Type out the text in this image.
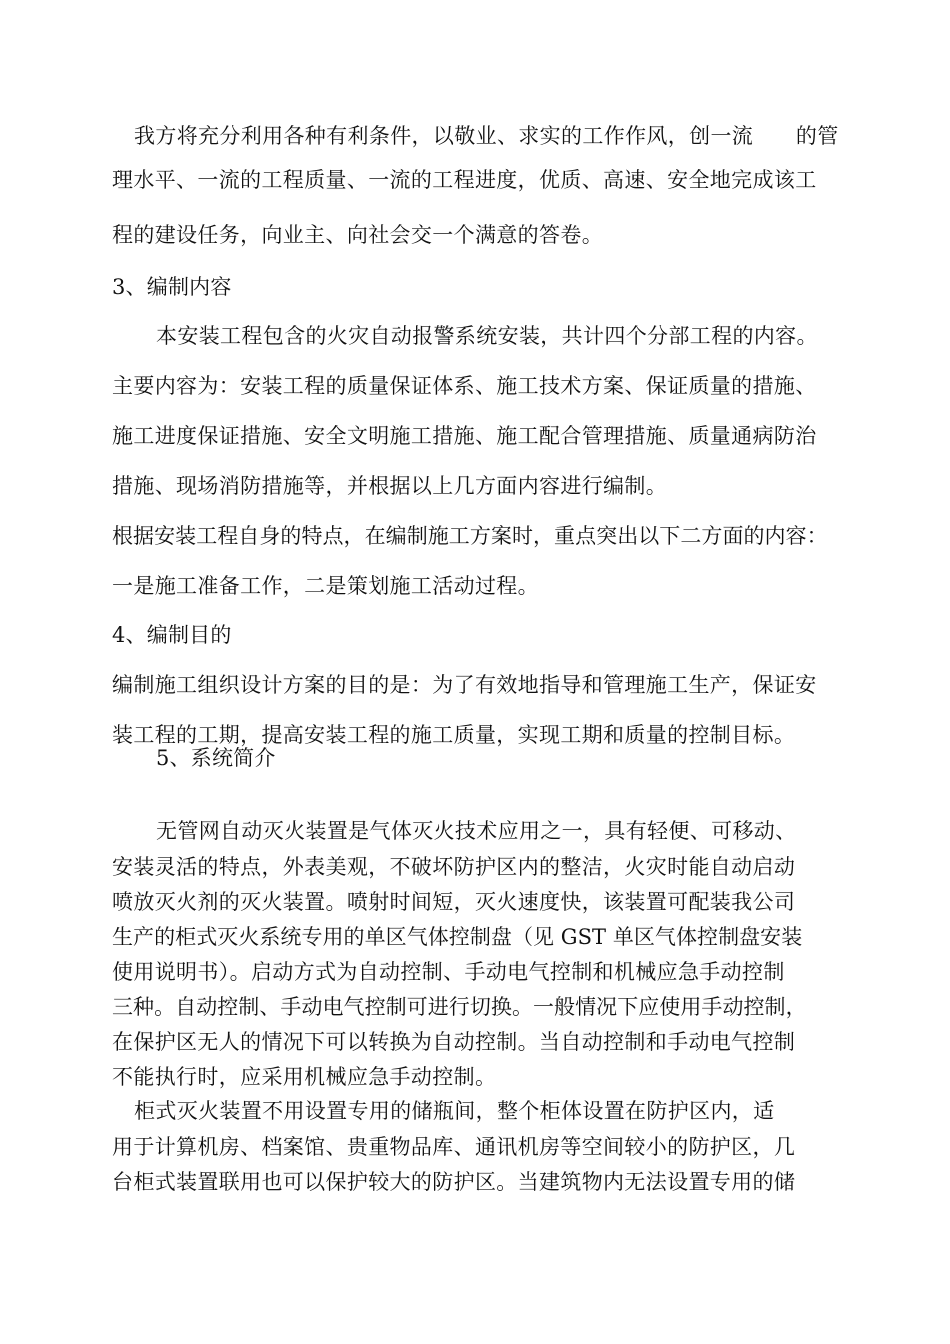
我方将充分利用各种有利条件，以敬业、求实的工作作风，创一流　　的管
理水平、一流的工程质量、一流的工程进度，优质、高速、安全地完成该工
程的建设任务，向业主、向社会交一个满意的答卷。
3、编制内容
本安装工程包含的火灾自动报警系统安装，共计四个分部工程的内容。
主要内容为：安装工程的质量保证体系、施工技术方案、保证质量的措施、
施工进度保证措施、安全文明施工措施、施工配合管理措施、质量通病防治
措施、现场消防措施等，并根据以上几方面内容进行编制。
根据安装工程自身的特点，在编制施工方案时，重点突出以下二方面的内容：
一是施工准备工作，二是策划施工活动过程。
4、编制目的
编制施工组织设计方案的目的是：为了有效地指导和管理施工生产，保证安
装工程的工期，提高安装工程的施工质量，实现工期和质量的控制目标。
5、系统简介
无管网自动灭火装置是气体灭火技术应用之一，具有轻便、可移动、
安装灵活的特点，外表美观，不破坏防护区内的整洁，火灾时能自动启动
喷放灭火剂的灭火装置。喷射时间短，灭火速度快，该装置可配装我公司
生产的柜式灭火系统专用的单区气体控制盘（见 GST 单区气体控制盘安装
使用说明书）。启动方式为自动控制、手动电气控制和机械应急手动控制
三种。自动控制、手动电气控制可进行切换。一般情况下应使用手动控制，
在保护区无人的情况下可以转换为自动控制。当自动控制和手动电气控制
不能执行时，应采用机械应急手动控制。
柜式灭火装置不用设置专用的储瓶间，整个柜体设置在防护区内，适
用于计算机房、档案馆、贵重物品库、通讯机房等空间较小的防护区，几
台柜式装置联用也可以保护较大的防护区。当建筑物内无法设置专用的储
